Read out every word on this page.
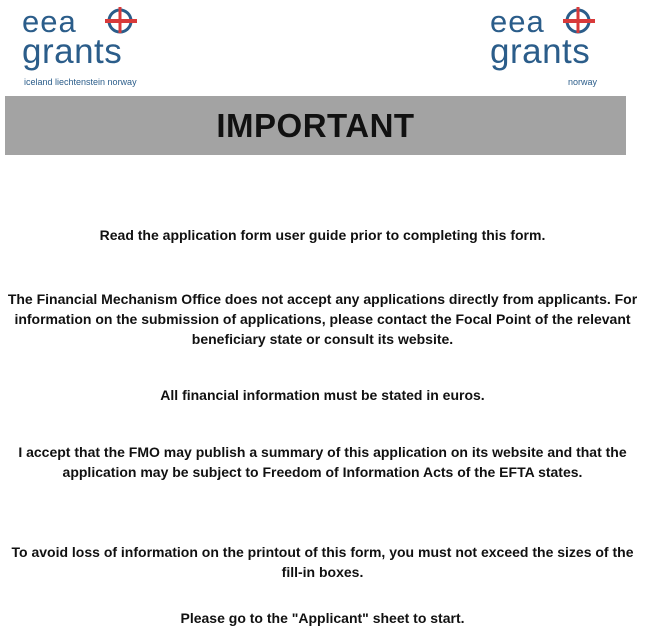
eea
grants
iceland liechtenstein norway
eea
grants
norway
IMPORTANT
Read the application form user guide prior to completing this form.
The Financial Mechanism Office does not accept any applications directly from applicants. For information on the submission of applications, please contact the Focal Point of the relevant beneficiary state or consult its website.
All financial information must be stated in euros.
I accept that the FMO may publish a summary of this application on its website and that the application may be subject to Freedom of Information Acts of the EFTA states.
To avoid loss of information on the printout of this form, you must not exceed the sizes of the fill-in boxes.
Please go to the "Applicant" sheet to start.
